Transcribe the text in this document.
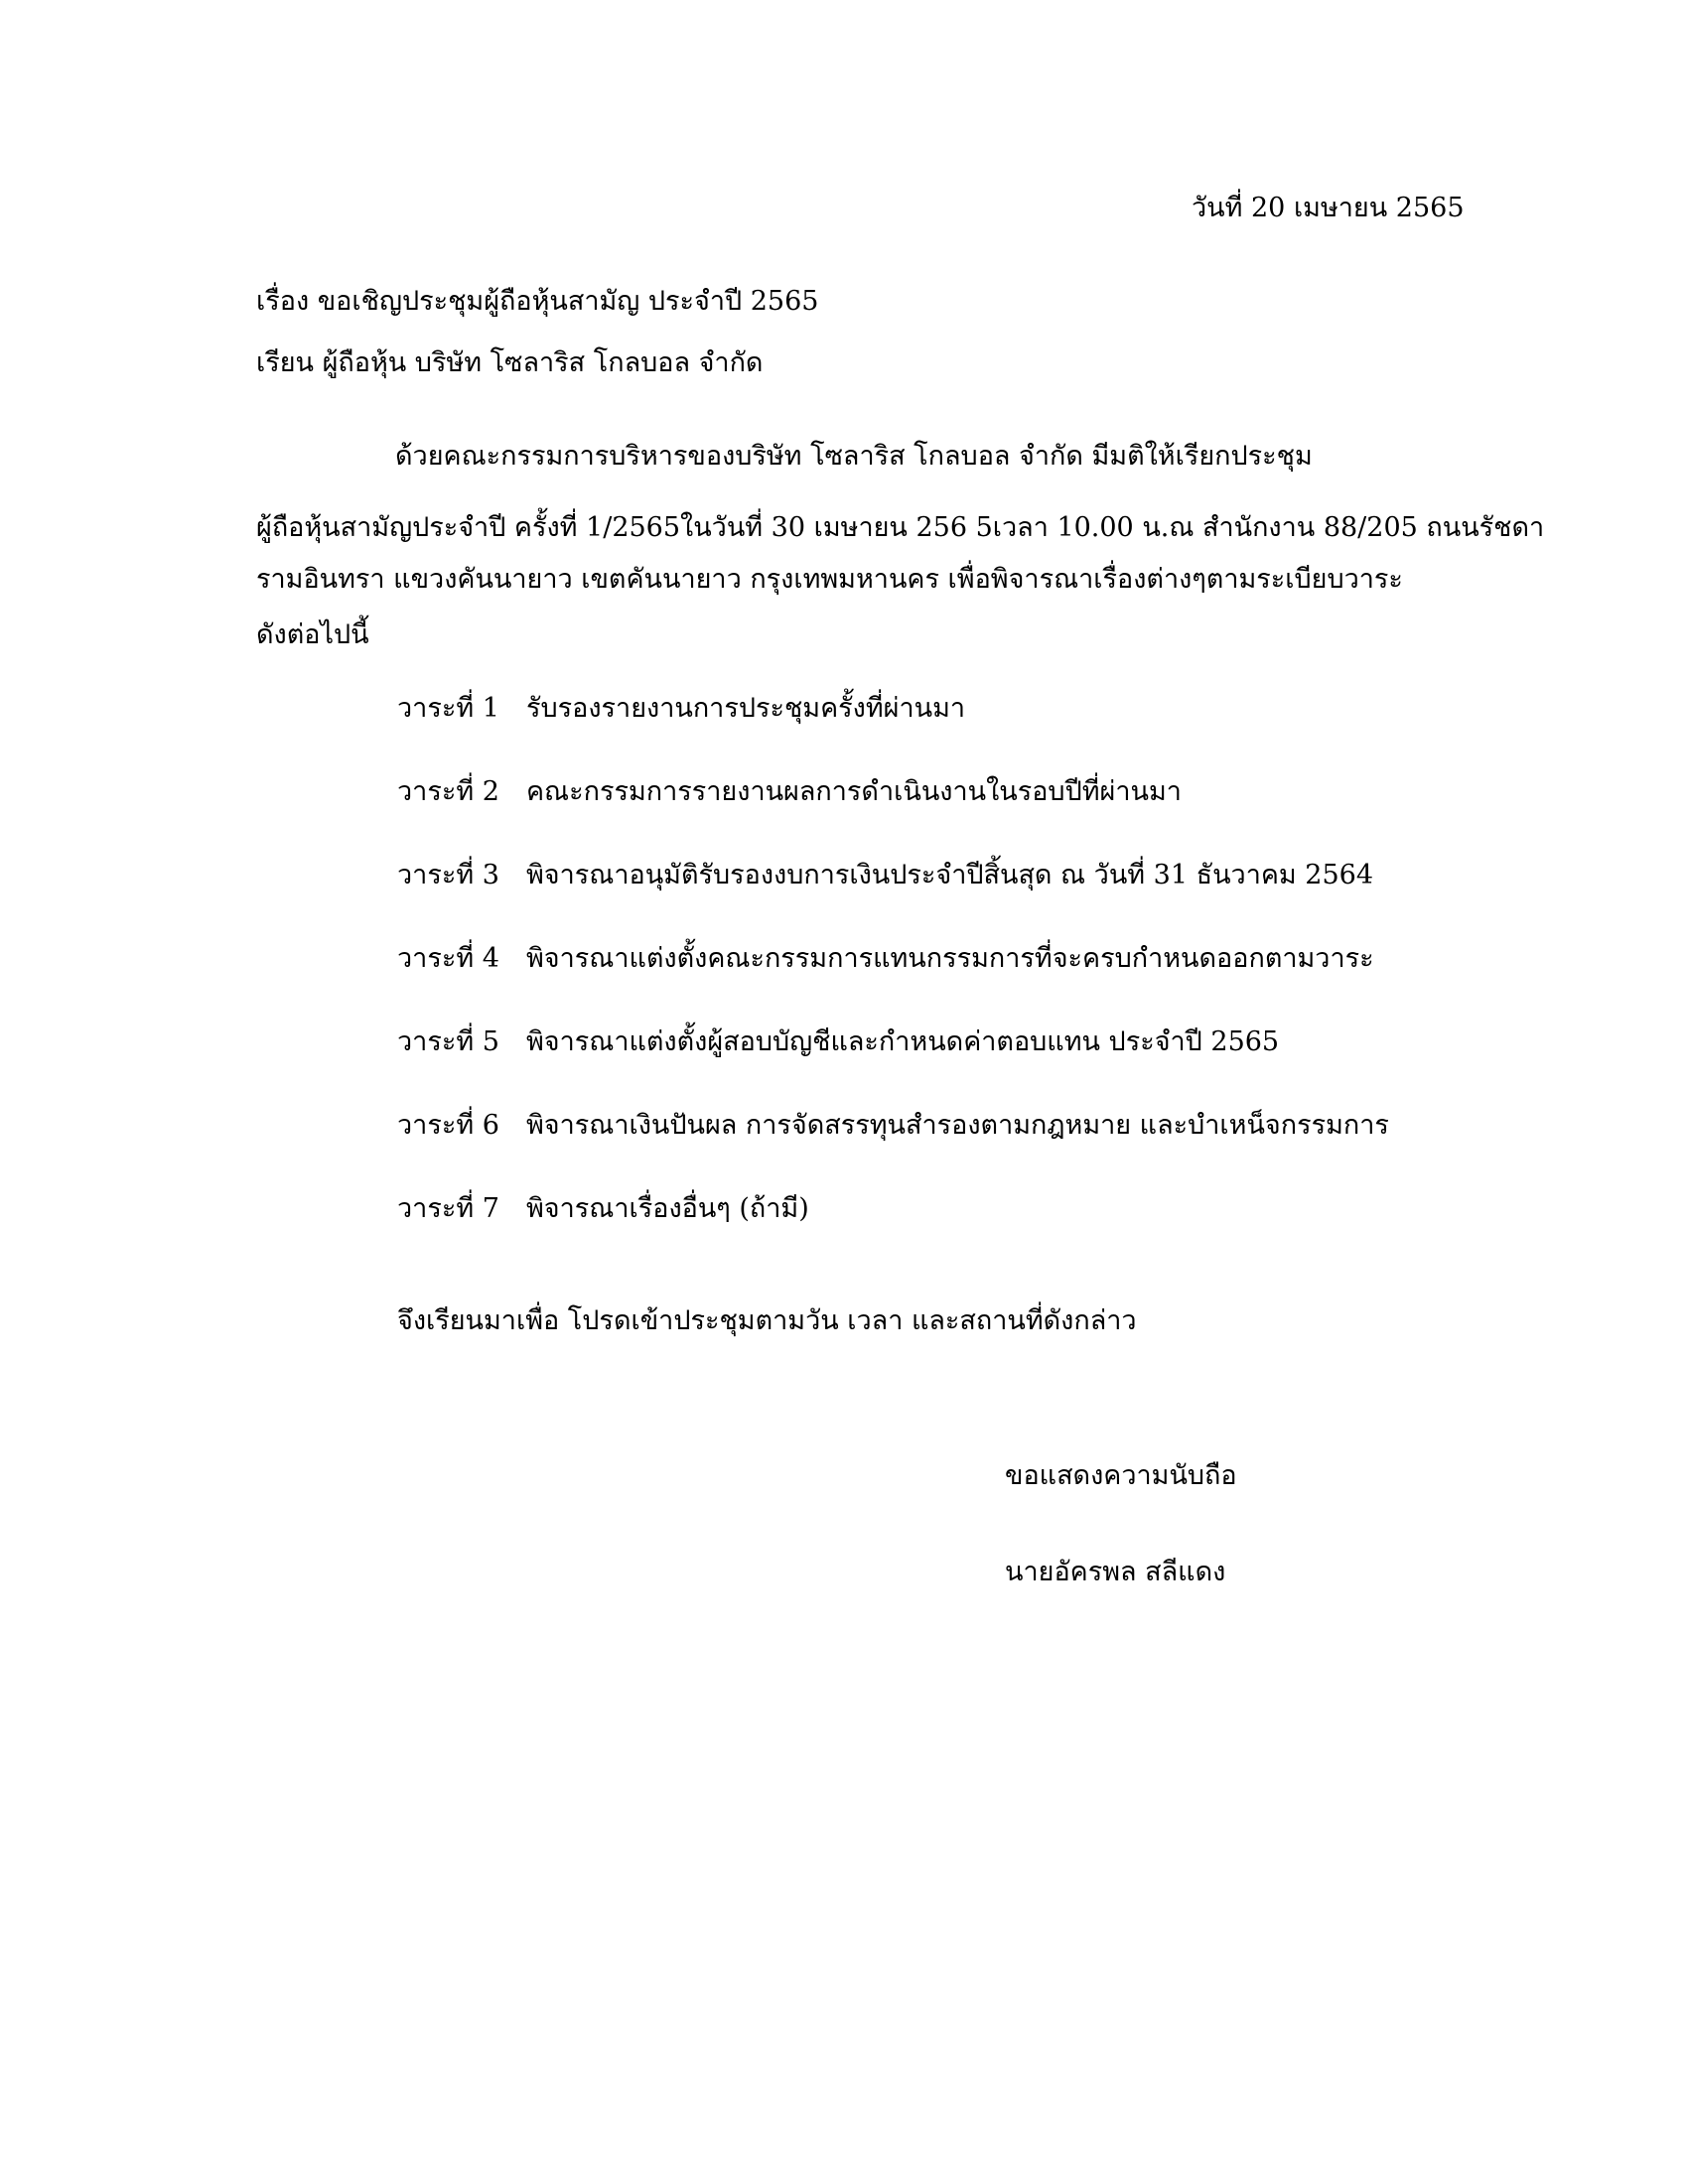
วันที่ 20 เมษายน 2565
เรื่อง ขอเชิญประชุมผู้ถือหุ้นสามัญ ประจำปี 2565
เรียน ผู้ถือหุ้น บริษัท โซลาริส โกลบอล จำกัด
ด้วยคณะกรรมการบริหารของบริษัท โซลาริส โกลบอล จำกัด มีมติให้เรียกประชุม
ผู้ถือหุ้นสามัญประจำปี ครั้งที่ 1/2565ในวันที่ 30 เมษายน 256 5เวลา 10.00 น.ณ สำนักงาน 88/205 ถนนรัชดา
รามอินทรา แขวงคันนายาว เขตคันนายาว กรุงเทพมหานคร เพื่อพิจารณาเรื่องต่างๆตามระเบียบวาระ
ดังต่อไปนี้
วาระที่ 1	รับรองรายงานการประชุมครั้งที่ผ่านมา
วาระที่ 2	คณะกรรมการรายงานผลการดำเนินงานในรอบปีที่ผ่านมา
วาระที่ 3	พิจารณาอนุมัติรับรองงบการเงินประจำปีสิ้นสุด ณ วันที่ 31 ธันวาคม 2564
วาระที่ 4	พิจารณาแต่งตั้งคณะกรรมการแทนกรรมการที่จะครบกำหนดออกตามวาระ
วาระที่ 5	พิจารณาแต่งตั้งผู้สอบบัญชีและกำหนดค่าตอบแทน ประจำปี 2565
วาระที่ 6	พิจารณาเงินปันผล การจัดสรรทุนสำรองตามกฎหมาย และบำเหน็จกรรมการ
วาระที่ 7	พิจารณาเรื่องอื่นๆ (ถ้ามี)
จึงเรียนมาเพื่อ โปรดเข้าประชุมตามวัน เวลา และสถานที่ดังกล่าว
ขอแสดงความนับถือ
นายอัครพล สลีแดง
